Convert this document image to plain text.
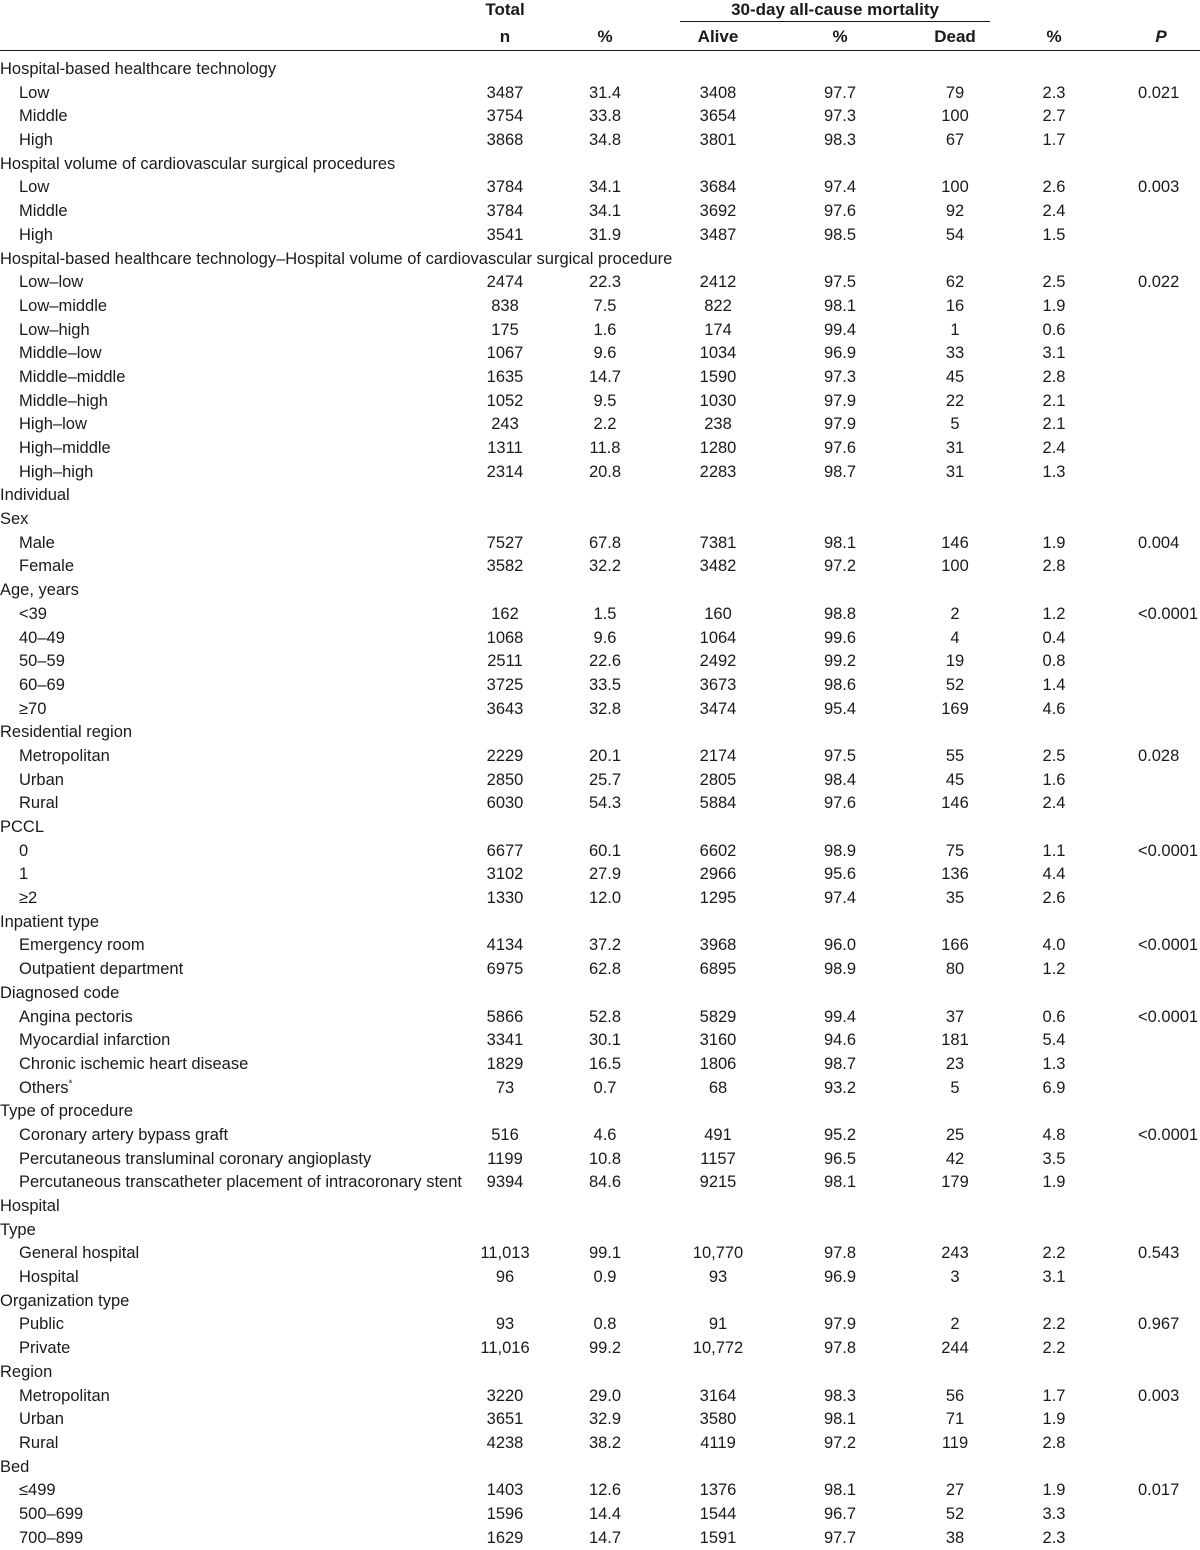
Total	30-day all-cause mortality
n	%	Alive	%	Dead	%	P
Hospital-based healthcare technology
Low	3487	31.4	3408	97.7	79	2.3	0.021
Middle	3754	33.8	3654	97.3	100	2.7
High	3868	34.8	3801	98.3	67	1.7
Hospital volume of cardiovascular surgical procedures
Low	3784	34.1	3684	97.4	100	2.6	0.003
Middle	3784	34.1	3692	97.6	92	2.4
High	3541	31.9	3487	98.5	54	1.5
Hospital-based healthcare technology–Hospital volume of cardiovascular surgical procedure
Low–low	2474	22.3	2412	97.5	62	2.5	0.022
Low–middle	838	7.5	822	98.1	16	1.9
Low–high	175	1.6	174	99.4	1	0.6
Middle–low	1067	9.6	1034	96.9	33	3.1
Middle–middle	1635	14.7	1590	97.3	45	2.8
Middle–high	1052	9.5	1030	97.9	22	2.1
High–low	243	2.2	238	97.9	5	2.1
High–middle	1311	11.8	1280	97.6	31	2.4
High–high	2314	20.8	2283	98.7	31	1.3
Individual
Sex
Male	7527	67.8	7381	98.1	146	1.9	0.004
Female	3582	32.2	3482	97.2	100	2.8
Age, years
<39	162	1.5	160	98.8	2	1.2	<0.0001
40–49	1068	9.6	1064	99.6	4	0.4
50–59	2511	22.6	2492	99.2	19	0.8
60–69	3725	33.5	3673	98.6	52	1.4
≥70	3643	32.8	3474	95.4	169	4.6
Residential region
Metropolitan	2229	20.1	2174	97.5	55	2.5	0.028
Urban	2850	25.7	2805	98.4	45	1.6
Rural	6030	54.3	5884	97.6	146	2.4
PCCL
0	6677	60.1	6602	98.9	75	1.1	<0.0001
1	3102	27.9	2966	95.6	136	4.4
≥2	1330	12.0	1295	97.4	35	2.6
Inpatient type
Emergency room	4134	37.2	3968	96.0	166	4.0	<0.0001
Outpatient department	6975	62.8	6895	98.9	80	1.2
Diagnosed code
Angina pectoris	5866	52.8	5829	99.4	37	0.6	<0.0001
Myocardial infarction	3341	30.1	3160	94.6	181	5.4
Chronic ischemic heart disease	1829	16.5	1806	98.7	23	1.3
Others*	73	0.7	68	93.2	5	6.9
Type of procedure
Coronary artery bypass graft	516	4.6	491	95.2	25	4.8	<0.0001
Percutaneous transluminal coronary angioplasty	1199	10.8	1157	96.5	42	3.5
Percutaneous transcatheter placement of intracoronary stent 9394	84.6	9215	98.1	179	1.9
Hospital
Type
General hospital	11,013	99.1	10,770	97.8	243	2.2	0.543
Hospital	96	0.9	93	96.9	3	3.1
Organization type
Public	93	0.8	91	97.9	2	2.2	0.967
Private	11,016	99.2	10,772	97.8	244	2.2
Region
Metropolitan	3220	29.0	3164	98.3	56	1.7	0.003
Urban	3651	32.9	3580	98.1	71	1.9
Rural	4238	38.2	4119	97.2	119	2.8
Bed
≤499	1403	12.6	1376	98.1	27	1.9	0.017
500–699	1596	14.4	1544	96.7	52	3.3
700–899	1629	14.7	1591	97.7	38	2.3
